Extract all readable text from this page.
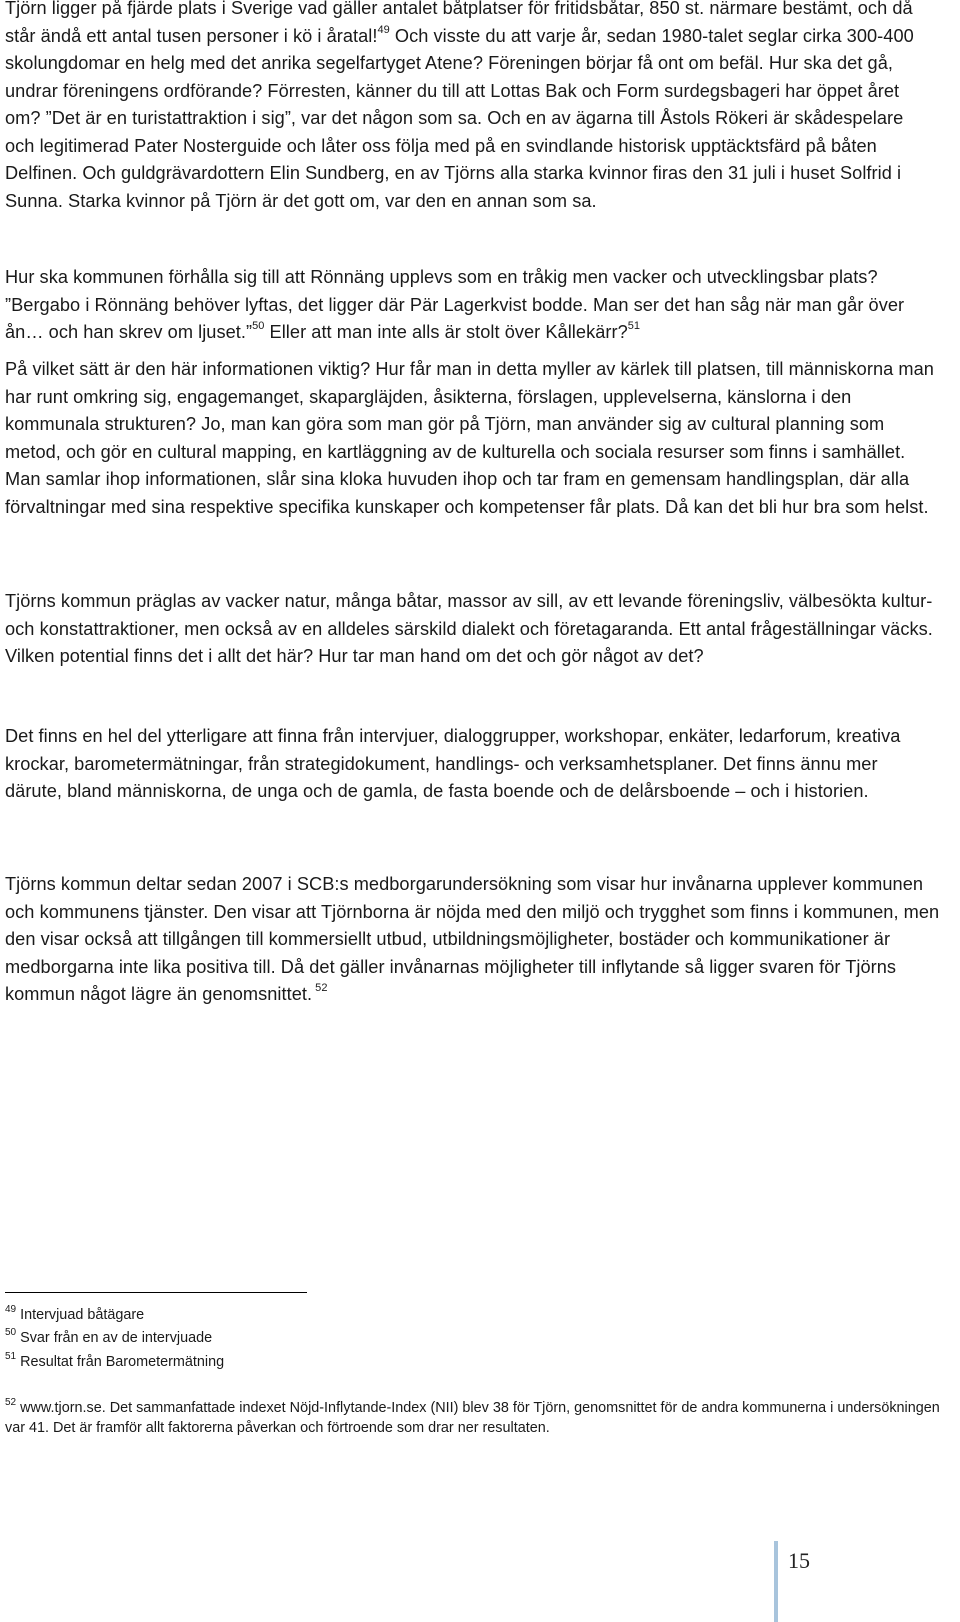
Tjörn ligger på fjärde plats i Sverige vad gäller antalet båtplatser för fritidsbåtar, 850 st. närmare bestämt, och då står ändå ett antal tusen personer i kö i åratal!$^{49}$ Och visste du att varje år, sedan 1980-talet seglar cirka 300-400 skolungdomar en helg med det anrika segelfartyget Atene? Föreningen börjar få ont om befäl. Hur ska det gå, undrar föreningens ordförande? Förresten, känner du till att Lottas Bak och Form surdegsbageri har öppet året om? ”Det är en turistattraktion i sig”, var det någon som sa. Och en av ägarna till Åstols Rökeri är skådespelare och legitimerad Pater Nosterguide och låter oss följa med på en svindlande historisk upptäcktsfärd på båten Delfinen. Och guldgrävardottern Elin Sundberg, en av Tjörns alla starka kvinnor firas den 31 juli i huset Solfrid i Sunna. Starka kvinnor på Tjörn är det gott om, var den en annan som sa.

Hur ska kommunen förhålla sig till att Rönnäng upplevs som en tråkig men vacker och utvecklingsbar plats? ”Bergabo i Rönnäng behöver lyftas, det ligger där Pär Lagerkvist bodde. Man ser det han såg när man går över ån… och han skrev om ljuset.”$^{50}$ Eller att man inte alls är stolt över Kållekärr?$^{51}$

På vilket sätt är den här informationen viktig? Hur får man in detta myller av kärlek till platsen, till människorna man har runt omkring sig, engagemanget, skapargläjden, åsikterna, förslagen, upplevelserna, känslorna i den kommunala strukturen? Jo, man kan göra som man gör på Tjörn, man använder sig av cultural planning som metod, och gör en cultural mapping, en kartläggning av de kulturella och sociala resurser som finns i samhället. Man samlar ihop informationen, slår sina kloka huvuden ihop och tar fram en gemensam handlingsplan, där alla förvaltningar med sina respektive specifika kunskaper och kompetenser får plats. Då kan det bli hur bra som helst.

Tjörns kommun präglas av vacker natur, många båtar, massor av sill, av ett levande föreningsliv, välbesökta kultur- och konstattraktioner, men också av en alldeles särskild dialekt och företagaranda. Ett antal frågeställningar väcks. Vilken potential finns det i allt det här? Hur tar man hand om det och gör något av det?

Det finns en hel del ytterligare att finna från intervjuer, dialoggrupper, workshopar, enkäter, ledarforum, kreativa krockar, barometermätningar, från strategidokument, handlings- och verksamhetsplaner. Det finns ännu mer därute, bland människorna, de unga och de gamla, de fasta boende och de delårsboende – och i historien.

Tjörns kommun deltar sedan 2007 i SCB:s medborgarundersökning som visar hur invånarna upplever kommunen och kommunens tjänster. Den visar att Tjörnborna är nöjda med den miljö och trygghet som finns i kommunen, men den visar också att tillgången till kommersiellt utbud, utbildningsmöjligheter, bostäder och kommunikationer är medborgarna inte lika positiva till. Då det gäller invånarnas möjligheter till inflytande så ligger svaren för Tjörns kommun något lägre än genomsnittet. $^{52}$

$^{49}$ Intervjuad båtägare
$^{50}$ Svar från en av de intervjuade
$^{51}$ Resultat från Barometermätning
$^{52}$ www.tjorn.se. Det sammanfattade indexet Nöjd-Inflytande-Index (NII) blev 38 för Tjörn, genomsnittet för de andra kommunerna i undersökningen var 41. Det är framför allt faktorerna påverkan och förtroende som drar ner resultaten.
15
